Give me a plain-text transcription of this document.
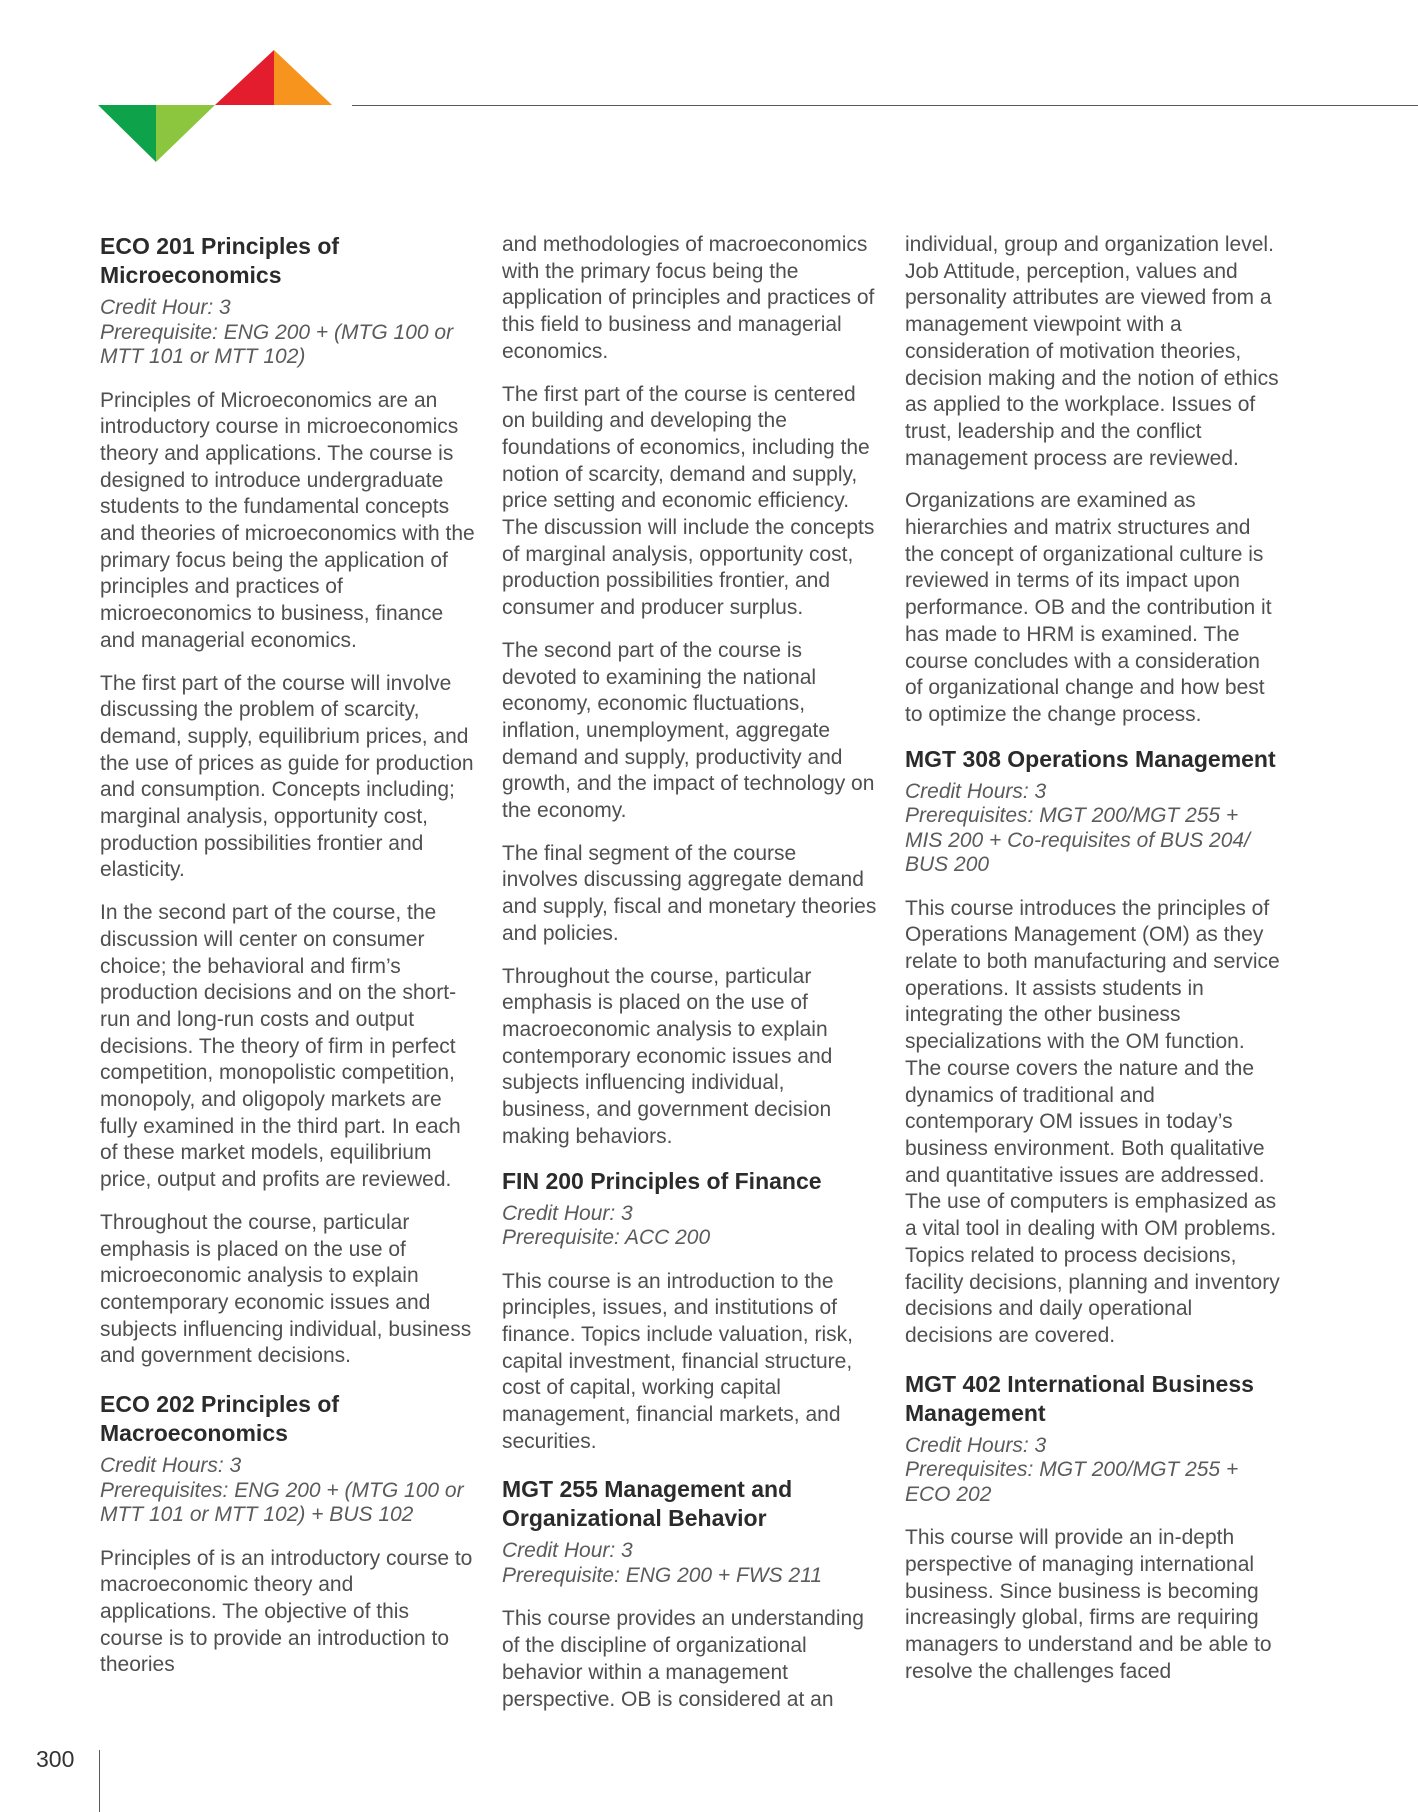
ECO 201 Principles of Microeconomics
Credit Hour: 3
Prerequisite: ENG 200 + (MTG 100 or MTT 101 or MTT 102)

Principles of Microeconomics are an introductory course in microeconomics theory and applications. The course is designed to introduce undergraduate students to the fundamental concepts and theories of microeconomics with the primary focus being the application of principles and practices of microeconomics to business, finance and managerial economics.

The first part of the course will involve discussing the problem of scarcity, demand, supply, equilibrium prices, and the use of prices as guide for production and consumption. Concepts including; marginal analysis, opportunity cost, production possibilities frontier and elasticity.

In the second part of the course, the discussion will center on consumer choice; the behavioral and firm’s production decisions and on the short-run and long-run costs and output decisions. The theory of firm in perfect competition, monopolistic competition, monopoly, and oligopoly markets are fully examined in the third part. In each of these market models, equilibrium price, output and profits are reviewed.

Throughout the course, particular emphasis is placed on the use of microeconomic analysis to explain contemporary economic issues and subjects influencing individual, business and government decisions.

ECO 202 Principles of Macroeconomics
Credit Hours: 3
Prerequisites: ENG 200 + (MTG 100 or MTT 101 or MTT 102) + BUS 102

Principles of is an introductory course to macroeconomic theory and applications. The objective of this course is to provide an introduction to theories

and methodologies of macroeconomics with the primary focus being the application of principles and practices of this field to business and managerial economics.

The first part of the course is centered on building and developing the foundations of economics, including the notion of scarcity, demand and supply, price setting and economic efficiency. The discussion will include the concepts of marginal analysis, opportunity cost, production possibilities frontier, and consumer and producer surplus.

The second part of the course is devoted to examining the national economy, economic fluctuations, inflation, unemployment, aggregate demand and supply, productivity and growth, and the impact of technology on the economy.

The final segment of the course involves discussing aggregate demand and supply, fiscal and monetary theories and policies.

Throughout the course, particular emphasis is placed on the use of macroeconomic analysis to explain contemporary economic issues and subjects influencing individual, business, and government decision making behaviors.

FIN 200 Principles of Finance
Credit Hour: 3
Prerequisite: ACC 200

This course is an introduction to the principles, issues, and institutions of finance. Topics include valuation, risk, capital investment, financial structure, cost of capital, working capital management, financial markets, and securities.

MGT 255 Management and Organizational Behavior
Credit Hour: 3
Prerequisite: ENG 200 + FWS 211

This course provides an understanding of the discipline of organizational behavior within a management perspective. OB is considered at an

individual, group and organization level. Job Attitude, perception, values and personality attributes are viewed from a management viewpoint with a consideration of motivation theories, decision making and the notion of ethics as applied to the workplace. Issues of trust, leadership and the conflict management process are reviewed.

Organizations are examined as hierarchies and matrix structures and the concept of organizational culture is reviewed in terms of its impact upon performance. OB and the contribution it has made to HRM is examined. The course concludes with a consideration of organizational change and how best to optimize the change process.

MGT 308 Operations Management
Credit Hours: 3
Prerequisites: MGT 200/MGT 255 + MIS 200 + Co-requisites of BUS 204/ BUS 200

This course introduces the principles of Operations Management (OM) as they relate to both manufacturing and service operations. It assists students in integrating the other business specializations with the OM function. The course covers the nature and the dynamics of traditional and contemporary OM issues in today’s business environment. Both qualitative and quantitative issues are addressed. The use of computers is emphasized as a vital tool in dealing with OM problems. Topics related to process decisions, facility decisions, planning and inventory decisions and daily operational decisions are covered.

MGT 402 International Business Management
Credit Hours: 3
Prerequisites: MGT 200/MGT 255 + ECO 202

This course will provide an in-depth perspective of managing international business. Since business is becoming increasingly global, firms are requiring managers to understand and be able to resolve the challenges faced

300
